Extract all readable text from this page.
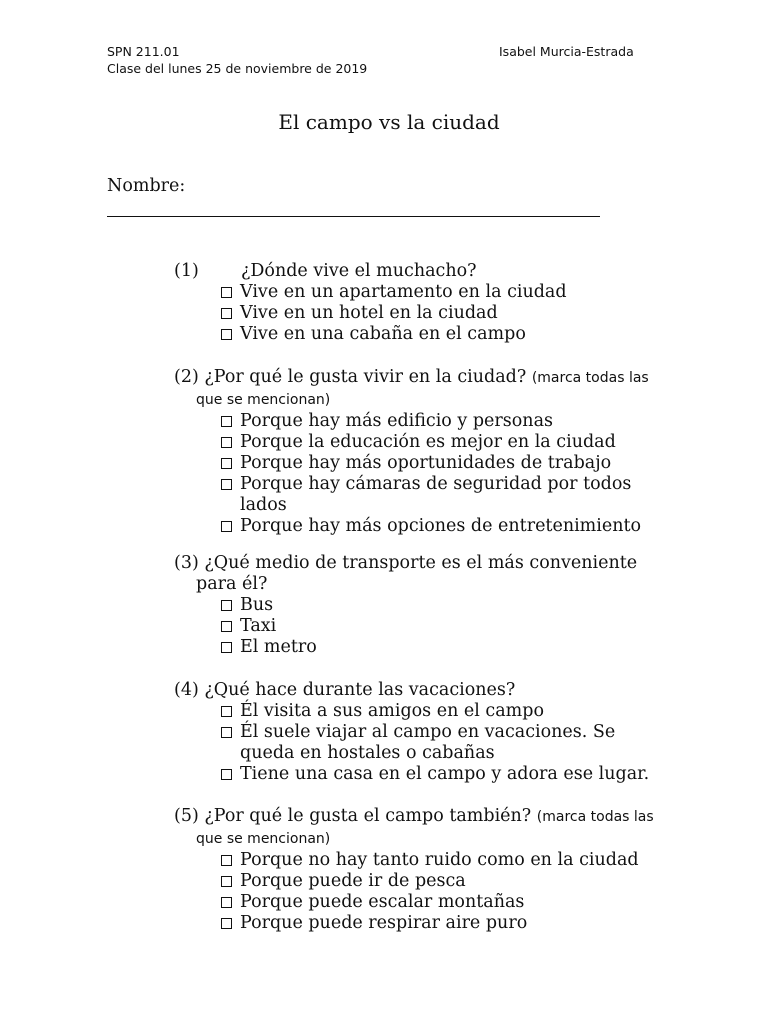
SPN 211.01
Clase del lunes 25 de noviembre de 2019
Isabel Murcia-Estrada
El campo vs la ciudad
Nombre:
(1) ¿Dónde vive el muchacho?
Vive en un apartamento en la ciudad
Vive en un hotel en la ciudad
Vive en una cabaña en el campo
(2) ¿Por qué le gusta vivir en la ciudad? (marca todas las que se mencionan)
Porque hay más edificio y personas
Porque la educación es mejor en la ciudad
Porque hay más oportunidades de trabajo
Porque hay cámaras de seguridad por todos lados
Porque hay más opciones de entretenimiento
(3) ¿Qué medio de transporte es el más conveniente para él?
Bus
Taxi
El metro
(4) ¿Qué hace durante las vacaciones?
Él visita a sus amigos en el campo
Él suele viajar al campo en vacaciones. Se queda en hostales o cabañas
Tiene una casa en el campo y adora ese lugar.
(5) ¿Por qué le gusta el campo también? (marca todas las que se mencionan)
Porque no hay tanto ruido como en la ciudad
Porque puede ir de pesca
Porque puede escalar montañas
Porque puede respirar aire puro
